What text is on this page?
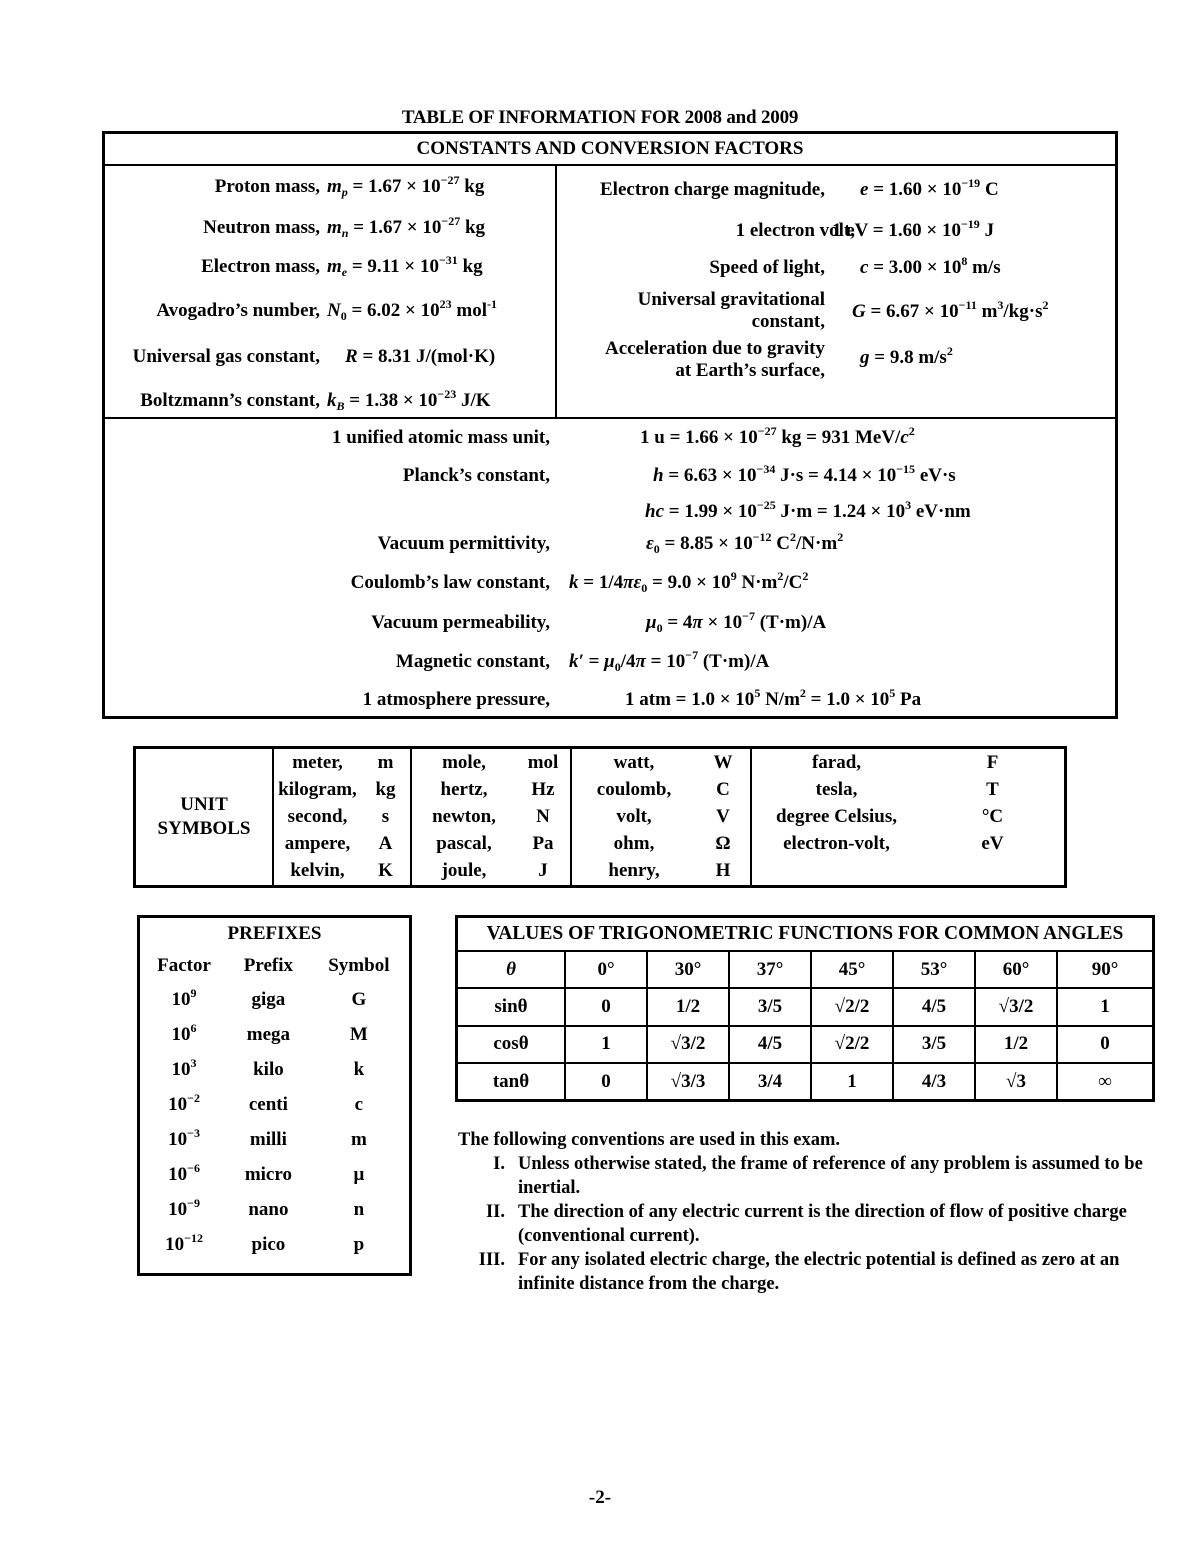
TABLE OF INFORMATION FOR 2008 and 2009
CONSTANTS AND CONVERSION FACTORS
Proton mass, $m_p = 1.67 \times 10^{-27}$ kg
Neutron mass, $m_n = 1.67 \times 10^{-27}$ kg
Electron mass, $m_e = 9.11 \times 10^{-31}$ kg
Avogadro’s number, $N_0 = 6.02 \times 10^{23}$ mol$^{-1}$
Universal gas constant, R = 8.31 J/(mol·K)
Boltzmann’s constant, $k_B = 1.38 \times 10^{-23}$ J/K
Electron charge magnitude, $e = 1.60 \times 10^{-19}$ C
1 electron volt,
1 eV = $1.60 \times 10^{-19}$ J
Speed of light, $c = 3.00 \times 10^8$ m/s
Universal gravitational
constant, $G = 6.67 \times 10^{-11}$ $m^3/kg\cdot s^2$
Acceleration due to gravity
at Earth’s surface,
g = 9.8 $m/s^2$
1 unified atomic mass unit,	1 $u = 1.66 \times 10^{-27}$ kg = 931 MeV/$c^2$
Planck’s constant,	$h = 6.63 \times 10^{-34}$ $J\cdot s = 4.14 \times 10^{-15}$ eV·s
hc = $1.99 \times 10^{-25}$ $J\cdot m = 1.24 \times 10^3$ eV·nm
Vacuum permittivity,	$\varepsilon_0 = 8.85 \times 10^{-12}$ $C^2/N\cdot m^2$
Coulomb’s law constant, $k = 1/4\pi\varepsilon_0 = 9.0 \times 10^9$ $N\cdot m^2/C^2$
Vacuum permeability,	$\mu_0 = 4\pi \times 10^{-7}$ (T·m)/A
Magnetic constant, $k' = \mu_0/4\pi = 10^{-7}$ (T·m)/A
1 atmosphere pressure,	1 atm = $1.0 \times 10^5$ $N/m^2 = 1.0 \times 10^5$ Pa
UNIT
SYMBOLS	meter,	m	mole,	mol	watt,	W	farad,	F
	kilogram,	kg	hertz,	Hz	coulomb,	C	tesla,	T
	second,	s	newton,	N	volt,	V	degree Celsius,	°C
	ampere,	A	pascal,	Pa	ohm,	Ω	electron-volt,	eV
	kelvin,	K	joule,	J	henry,	H		
PREFIXES		
Factor	Prefix	Symbol
$10^9$	giga	G
$10^6$	mega	M
$10^3$	kilo	k
$10^{-2}$	centi	c
$10^{-3}$	milli	m
$10^{-6}$	micro	μ
$10^{-9}$	nano	n
$10^{-12}$	pico	p
VALUES OF TRIGONOMETRIC FUNCTIONS FOR COMMON ANGLES							
θ	0°	30°	37°	45°	53°	60°	90°
sinθ	0	1/2	3/5	√2/2	4/5	√3/2	1
cosθ	1	√3/2	4/5	√2/2	3/5	1/2	0
tanθ	0	√3/3	3/4	1	4/3	√3	∞
The following conventions are used in this exam.
I. Unless otherwise stated, the frame of reference of any problem is assumed to be inertial.
II. The direction of any electric current is the direction of flow of positive charge (conventional current).
III. For any isolated electric charge, the electric potential is defined as zero at an infinite distance from the charge.
-2-
